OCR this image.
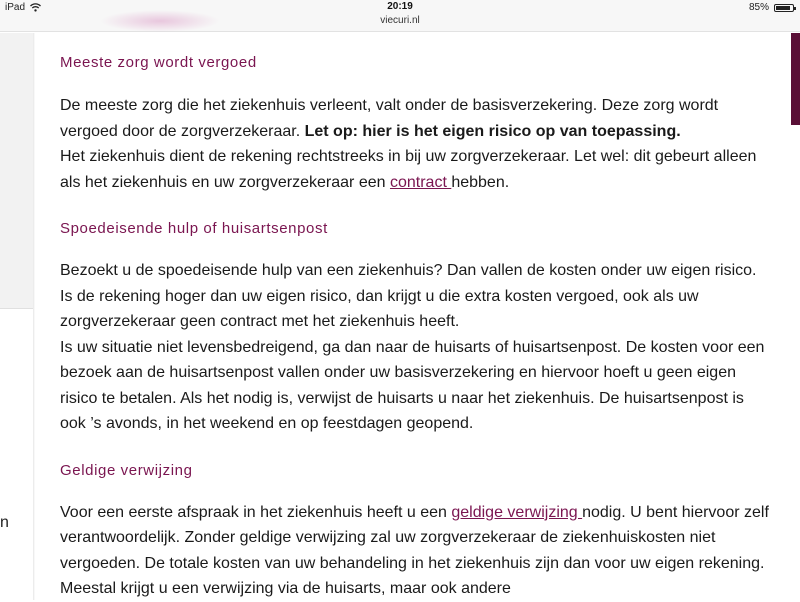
iPad	20:19
viecuri.nl
85%
n
Meeste zorg wordt vergoed

De meeste zorg die het ziekenhuis verleent, valt onder de basisverzekering. Deze zorg wordt vergoed door de zorgverzekeraar. Let op: hier is het eigen risico op van toepassing.
Het ziekenhuis dient de rekening rechtstreeks in bij uw zorgverzekeraar. Let wel: dit gebeurt alleen als het ziekenhuis en uw zorgverzekeraar een contract hebben.

Spoedeisende hulp of huisartsenpost

Bezoekt u de spoedeisende hulp van een ziekenhuis? Dan vallen de kosten onder uw eigen risico. Is de rekening hoger dan uw eigen risico, dan krijgt u die extra kosten vergoed, ook als uw zorgverzekeraar geen contract met het ziekenhuis heeft.
Is uw situatie niet levensbedreigend, ga dan naar de huisarts of huisartsenpost. De kosten voor een bezoek aan de huisartsenpost vallen onder uw basisverzekering en hiervoor hoeft u geen eigen risico te betalen. Als het nodig is, verwijst de huisarts u naar het ziekenhuis. De huisartsenpost is ook ’s avonds, in het weekend en op feestdagen geopend.

Geldige verwijzing

Voor een eerste afspraak in het ziekenhuis heeft u een geldige verwijzing nodig. U bent hiervoor zelf verantwoordelijk. Zonder geldige verwijzing zal uw zorgverzekeraar de ziekenhuiskosten niet vergoeden. De totale kosten van uw behandeling in het ziekenhuis zijn dan voor uw eigen rekening. Meestal krijgt u een verwijzing via de huisarts, maar ook andere
